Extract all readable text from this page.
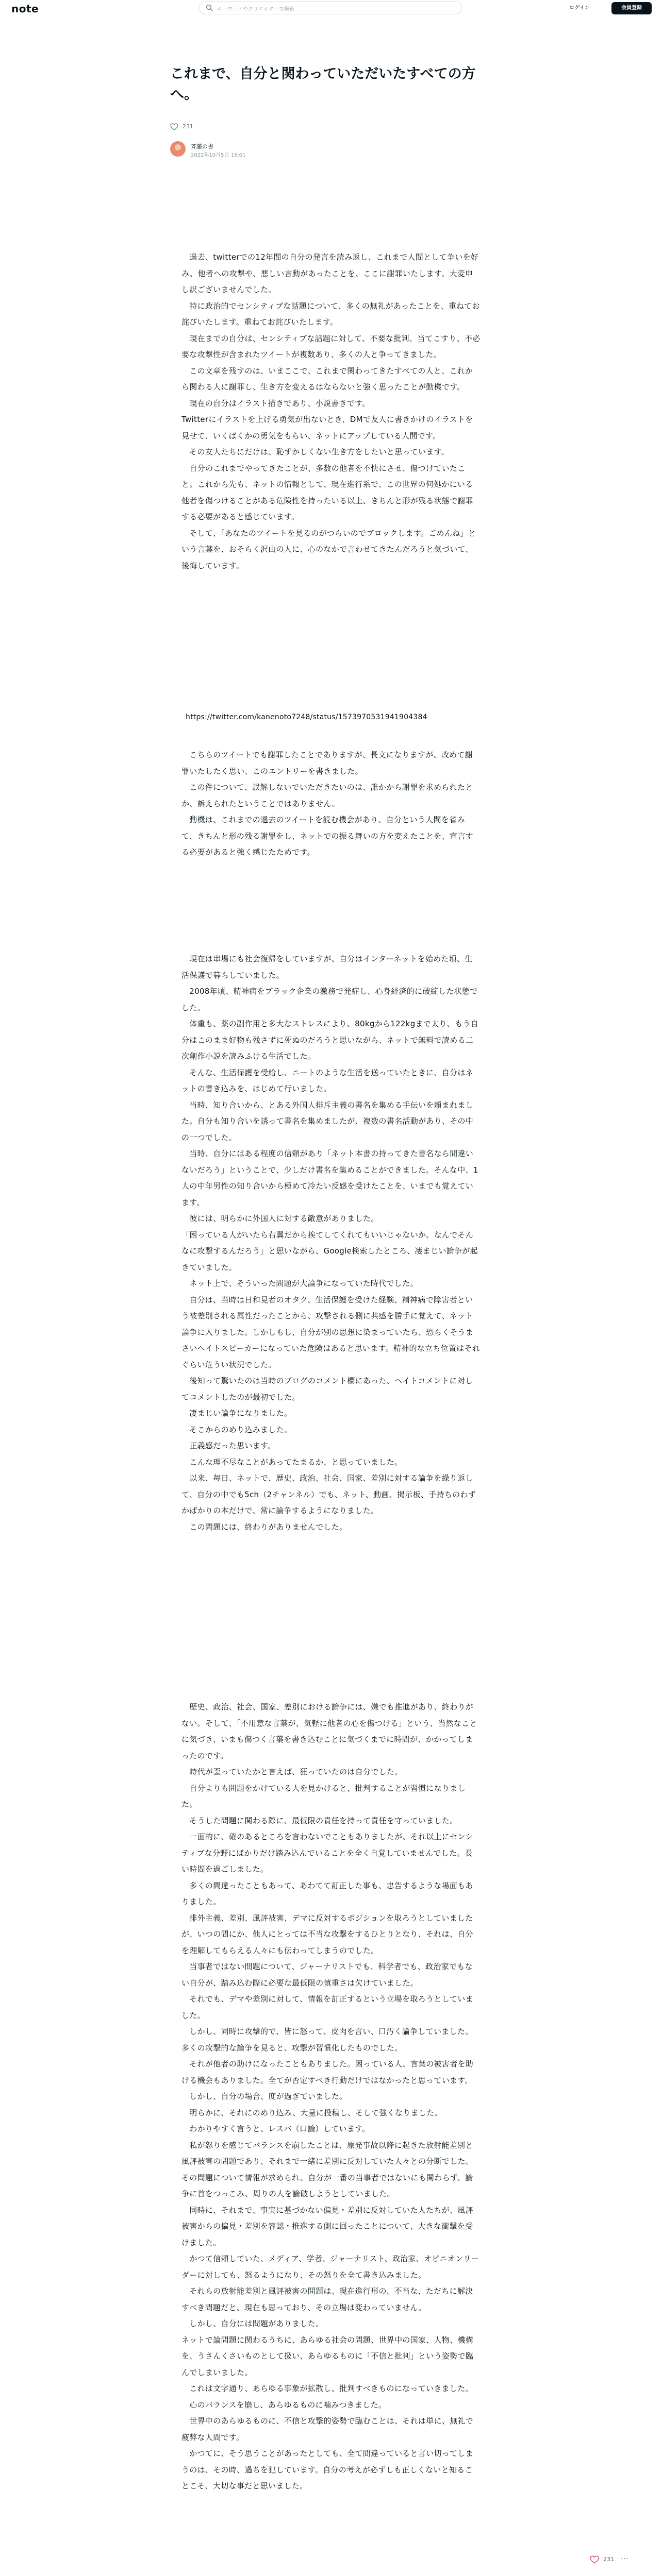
note	キーワードやクリエイターで検索	ログイン	会員登録
これまで、自分と関わっていただいたすべての方へ。
231
斉藤の書
2022年10月5日 16:01

　過去、twitterでの12年間の自分の発言を読み返し、これまで人間として争いを好み、他者への攻撃や、悪しい言動があったことを、ここに謝罪いたします。大変申し訳ございませんでした。
　特に政治的でセンシティブな話題について、多くの無礼があったことを、重ねてお詫びいたします。重ねてお詫びいたします。
　現在までの自分は、センシティブな話題に対して、不要な批判、当てこすり、不必要な攻撃性が含まれたツイートが複数あり、多くの人と争ってきました。
　この文章を残すのは、いまここで、これまで関わってきたすべての人と、これから関わる人に謝罪し、生き方を変えるはならないと強く思ったことが動機です。
　現在の自分はイラスト描きであり、小説書きです。
Twitterにイラストを上げる勇気が出ないとき、DMで友人に書きかけのイラストを見せて、いくばくかの勇気をもらい、ネットにアップしている人間です。
　その友人たちにだけは、恥ずかしくない生き方をしたいと思っています。
　自分のこれまでやってきたことが、多数の他者を不快にさせ、傷つけていたこと。これから先も、ネットの情報として、現在進行系で、この世界の何処かにいる他者を傷つけることがある危険性を持ったいる以上、きちんと形が残る状態で謝罪する必要があると感じています。
　そして、「あなたのツイートを見るのがつらいのでブロックします。ごめんね」という言葉を、おそらく沢山の人に、心のなかで言わせてきたんだろうと気づいて、後悔しています。

https://twitter.com/kanenoto7248/status/1573970531941904384

　こちらのツイートでも謝罪したことでありますが、長文になりますが、改めて謝罪いたしたく思い、このエントリーを書きました。
　この件について、誤解しないでいただきたいのは、誰かから謝罪を求められたとか、訴えられたということではありません。
　動機は、これまでの過去のツイートを読む機会があり、自分という人間を省みて、きちんと形の残る謝罪をし、ネットでの振る舞いの方を変えたことを、宣言する必要があると強く感じたためです。

　現在は串場にも社会復帰をしていますが、自分はインターネットを始めた頃、生活保護で暮らしていました。
　2008年頃、精神病をブラック企業の激務で発症し、心身経済的に破綻した状態でした。
　体重も、薬の副作用と多大なストレスにより、80kgから122kgまで太り、もう自分はこのまま好物も残さずに死ぬのだろうと思いながら、ネットで無料で読める二次創作小説を読みふける生活でした。
　そんな、生活保護を受給し、ニートのような生活を送っていたときに、自分はネットの書き込みを、はじめて行いました。
　当時、知り合いから、とある外国人排斥主義の書名を集める手伝いを頼まれました。自分も知り合いを誘って書名を集めましたが、複数の書名活動があり、その中の一つでした。
　当時、自分にはある程度の信頼があり「ネット本書の持ってきた書名なら間違いないだろう」ということで、少しだけ書名を集めることができました。そんな中、1人の中年男性の知り合いから極めて冷たい反感を受けたことを、いまでも覚えています。
　彼には、明らかに外国人に対する敵意がありました。
「困っている人がいたら右翼だから挨てしてくれてもいいじゃないか。なんでそんなに攻撃するんだろう」と思いながら、Google検索したところ、凄まじい論争が起きていました。
　ネット上で、そういった問題が大論争になっていた時代でした。
　自分は、当時は日和見者のオタク、生活保護を受けた経験、精神病で障害者という被差別される属性だったことから、攻撃される側に共感を勝手に覚えて、ネット論争に入りました。しかしもし、自分が別の思想に染まっていたら、恐らくそうまさいヘイトスピーカーになっていた危険はあると思います。精神的な立ち位置はそれぐらい危うい状況でした。
　後知って驚いたのは当時のブログのコメント欄にあった、ヘイトコメントに対してコメントしたのが最初でした。
　凄まじい論争になりました。
　そこからのめり込みました。
　正義感だった思います。
　こんな理不尽なことがあってたまるか、と思っていました。
　以来、毎日、ネットで、歴史、政治、社会、国家、差別に対する論争を繰り返して、自分の中でも5ch（2チャンネル）でも、ネット、動画、掲示板、手持ちのわずかばかりの本だけで、常に論争するようになりました。
　この問題には、終わりがありませんでした。

　歴史、政治、社会、国家、差別における論争には、嫌でも推進があり、終わりがない。そして、「不用意な言葉が、気軽に他者の心を傷つける」という、当然なことに気づき、いまも傷つく言葉を書き込むことに気づくまでに時間が、かかってしまったのです。
　時代が歪っていたかと言えば、狂っていたのは自分でした。
　自分よりも問題をかけている人を見かけると、批判することが習慣になりました。
　そうした問題に関わる際に、最低限の責任を持って責任を守っていました。
　一面的に、確のあるところを言わないでこともありましたが、それ以上にセンシティブな分野にばかりだけ踏み込んでいることを全く自覚していませんでした。長い時間を過ごしました。
　多くの間違ったこともあって、あわてて訂正した事も、忠告するような場面もありました。
　排外主義、差別、風評被害、デマに反対するポジションを取ろうとしていましたが、いつの間にか、他人にとっては不当な攻撃をするひとりとなり、それは、自分を理解してもらえる人々にも伝わってしまうのでした。
　当事者ではない問題について、ジャーナリストでも、科学者でも、政治家でもない自分が、踏み込む際に必要な最低限の慎重さは欠けていました。
　それでも、デマや差別に対して、情報を訂正するという立場を取ろうとしていました。
　しかし、同時に攻撃的で、皆に怒って、皮肉を言い、口汚く論争していました。多くの攻撃的な論争を見ると、攻撃が習慣化したものでした。
　それが他者の助けになったこともありました。困っている人、言葉の被害者を助ける機会もありました。全てが否定すべき行動だけではなかったと思っています。
　しかし、自分の場合、度が過ぎていました。
　明らかに、それにのめり込み、大量に投稿し、そして強くなりました。
　わかりやすく言うと、レスバ（口論）しています。
　私が怒りを感じてバランスを崩したことは、原発事故以降に起きた放射能差別と風評被害の問題であり、それまで一緒に差別に反対していた人々との分断でした。その問題について情報が求められ、自分が一番の当事者ではないにも関わらず、論争に首をつっこみ、周りの人を論破しようとしていました。
　同時に、それまで、事実に基づかない偏見・差別に反対していた人たちが、風評被害からの偏見・差別を容認・推進する側に回ったことについて、大きな衝撃を受けました。
　かつて信頼していた、メディア、学者、ジャーナリスト、政治家、オピニオンリーダーに対しても、怒るようになり、その怒りを全て書き込みました。
　それらの放射能差別と風評被害の問題は、現在進行形の、不当な、ただちに解決すべき問題だと、現在も思っており、その立場は変わっていません。
　しかし、自分には問題がありました。
ネットで論問題に関わるうちに、あらゆる社会の問題、世界中の国家、人物、機構を、うさんくさいものとして扱い、あらゆるものに「不信と批判」という姿勢で臨んでしまいました。
　これは文字通り、あらゆる事象が拡散し、批判すべきものになっていきました。
　心のバランスを崩し、あらゆるものに噛みつきました。
　世界中のあらゆるものに、不信と攻撃的姿勢で臨むことは、それは単に、無礼で疲弊な人間です。
　かつてに、そう思うことがあったとしても、全て間違っていると言い切ってしまうのは、その時、過ちを犯しています。自分の考えが必ずしも正しくないと知ることこそ、大切な事だと思いました。

231 ···
